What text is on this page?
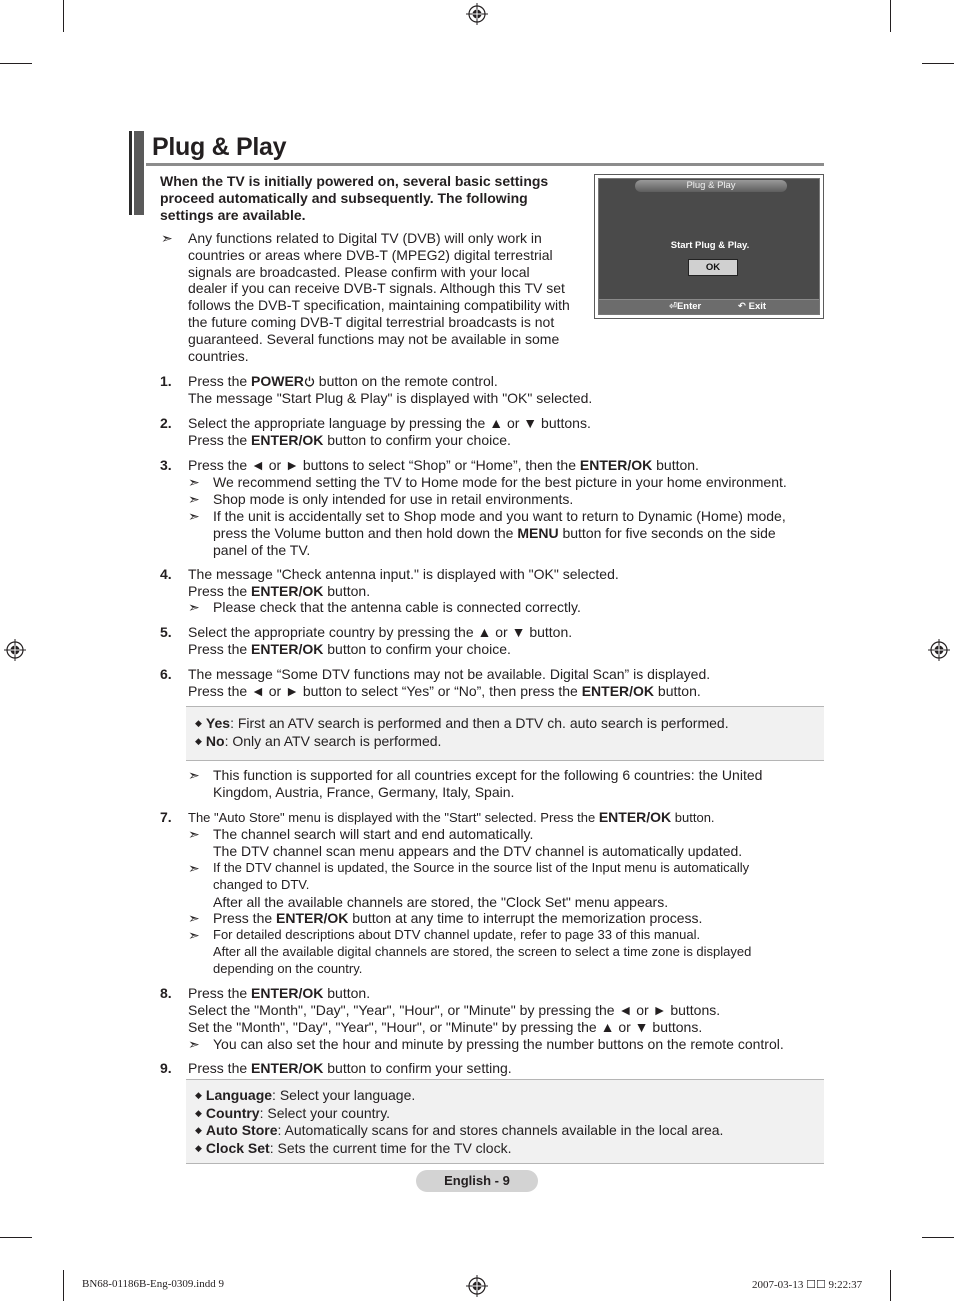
Plug & Play
When the TV is initially powered on, several basic settings proceed automatically and subsequently. The following settings are available.
➣ Any functions related to Digital TV (DVB) will only work in
countries or areas where DVB-T (MPEG2) digital terrestrial
signals are broadcasted. Please confirm with your local
dealer if you can receive DVB-T signals. Although this TV set
follows the DVB-T specification, maintaining compatibility with
the future coming DVB-T digital terrestrial broadcasts is not
guaranteed. Several functions may not be available in some
countries.
Plug & Play
Start Plug & Play.
OK
⏎Enter	↶ Exit
1. Press the POWER button on the remote control.
The message "Start Plug & Play" is displayed with "OK" selected.
2. Select the appropriate language by pressing the ▲ or ▼ buttons.
Press the ENTER/OK button to confirm your choice.
3. Press the ◄ or ► buttons to select “Shop” or “Home”, then the ENTER/OK button.
➣ We recommend setting the TV to Home mode for the best picture in your home environment.
➣ Shop mode is only intended for use in retail environments.
➣ If the unit is accidentally set to Shop mode and you want to return to Dynamic (Home) mode,
press the Volume button and then hold down the MENU button for five seconds on the side
panel of the TV.
4. The message "Check antenna input." is displayed with "OK" selected.
Press the ENTER/OK button.
➣ Please check that the antenna cable is connected correctly.
5. Select the appropriate country by pressing the ▲ or ▼ button.
Press the ENTER/OK button to confirm your choice.
6. The message “Some DTV functions may not be available. Digital Scan” is displayed.
Press the ◄ or ► button to select “Yes” or “No”, then press the ENTER/OK button.
◆ Yes: First an ATV search is performed and then a DTV ch. auto search is performed.
◆ No: Only an ATV search is performed.
➣ This function is supported for all countries except for the following 6 countries: the United
Kingdom, Austria, France, Germany, Italy, Spain.
7. The "Auto Store" menu is displayed with the "Start" selected. Press the ENTER/OK button.
➣ The channel search will start and end automatically.
The DTV channel scan menu appears and the DTV channel is automatically updated.
➣ If the DTV channel is updated, the Source in the source list of the Input menu is automatically
changed to DTV.
After all the available channels are stored, the "Clock Set" menu appears.
➣ Press the ENTER/OK button at any time to interrupt the memorization process.
➣ For detailed descriptions about DTV channel update, refer to page 33 of this manual.
After all the available digital channels are stored, the screen to select a time zone is displayed
depending on the country.
8. Press the ENTER/OK button.
Select the "Month", "Day", "Year", "Hour", or "Minute" by pressing the ◄ or ► buttons.
Set the "Month", "Day", "Year", "Hour", or "Minute" by pressing the ▲ or ▼ buttons.
➣ You can also set the hour and minute by pressing the number buttons on the remote control.
9. Press the ENTER/OK button to confirm your setting.
◆ Language: Select your language.
◆ Country: Select your country.
◆ Auto Store: Automatically scans for and stores channels available in the local area.
◆ Clock Set: Sets the current time for the TV clock.
English - 9
BN68-01186B-Eng-0309.indd 9	2007-03-13 ☐☐ 9:22:37
